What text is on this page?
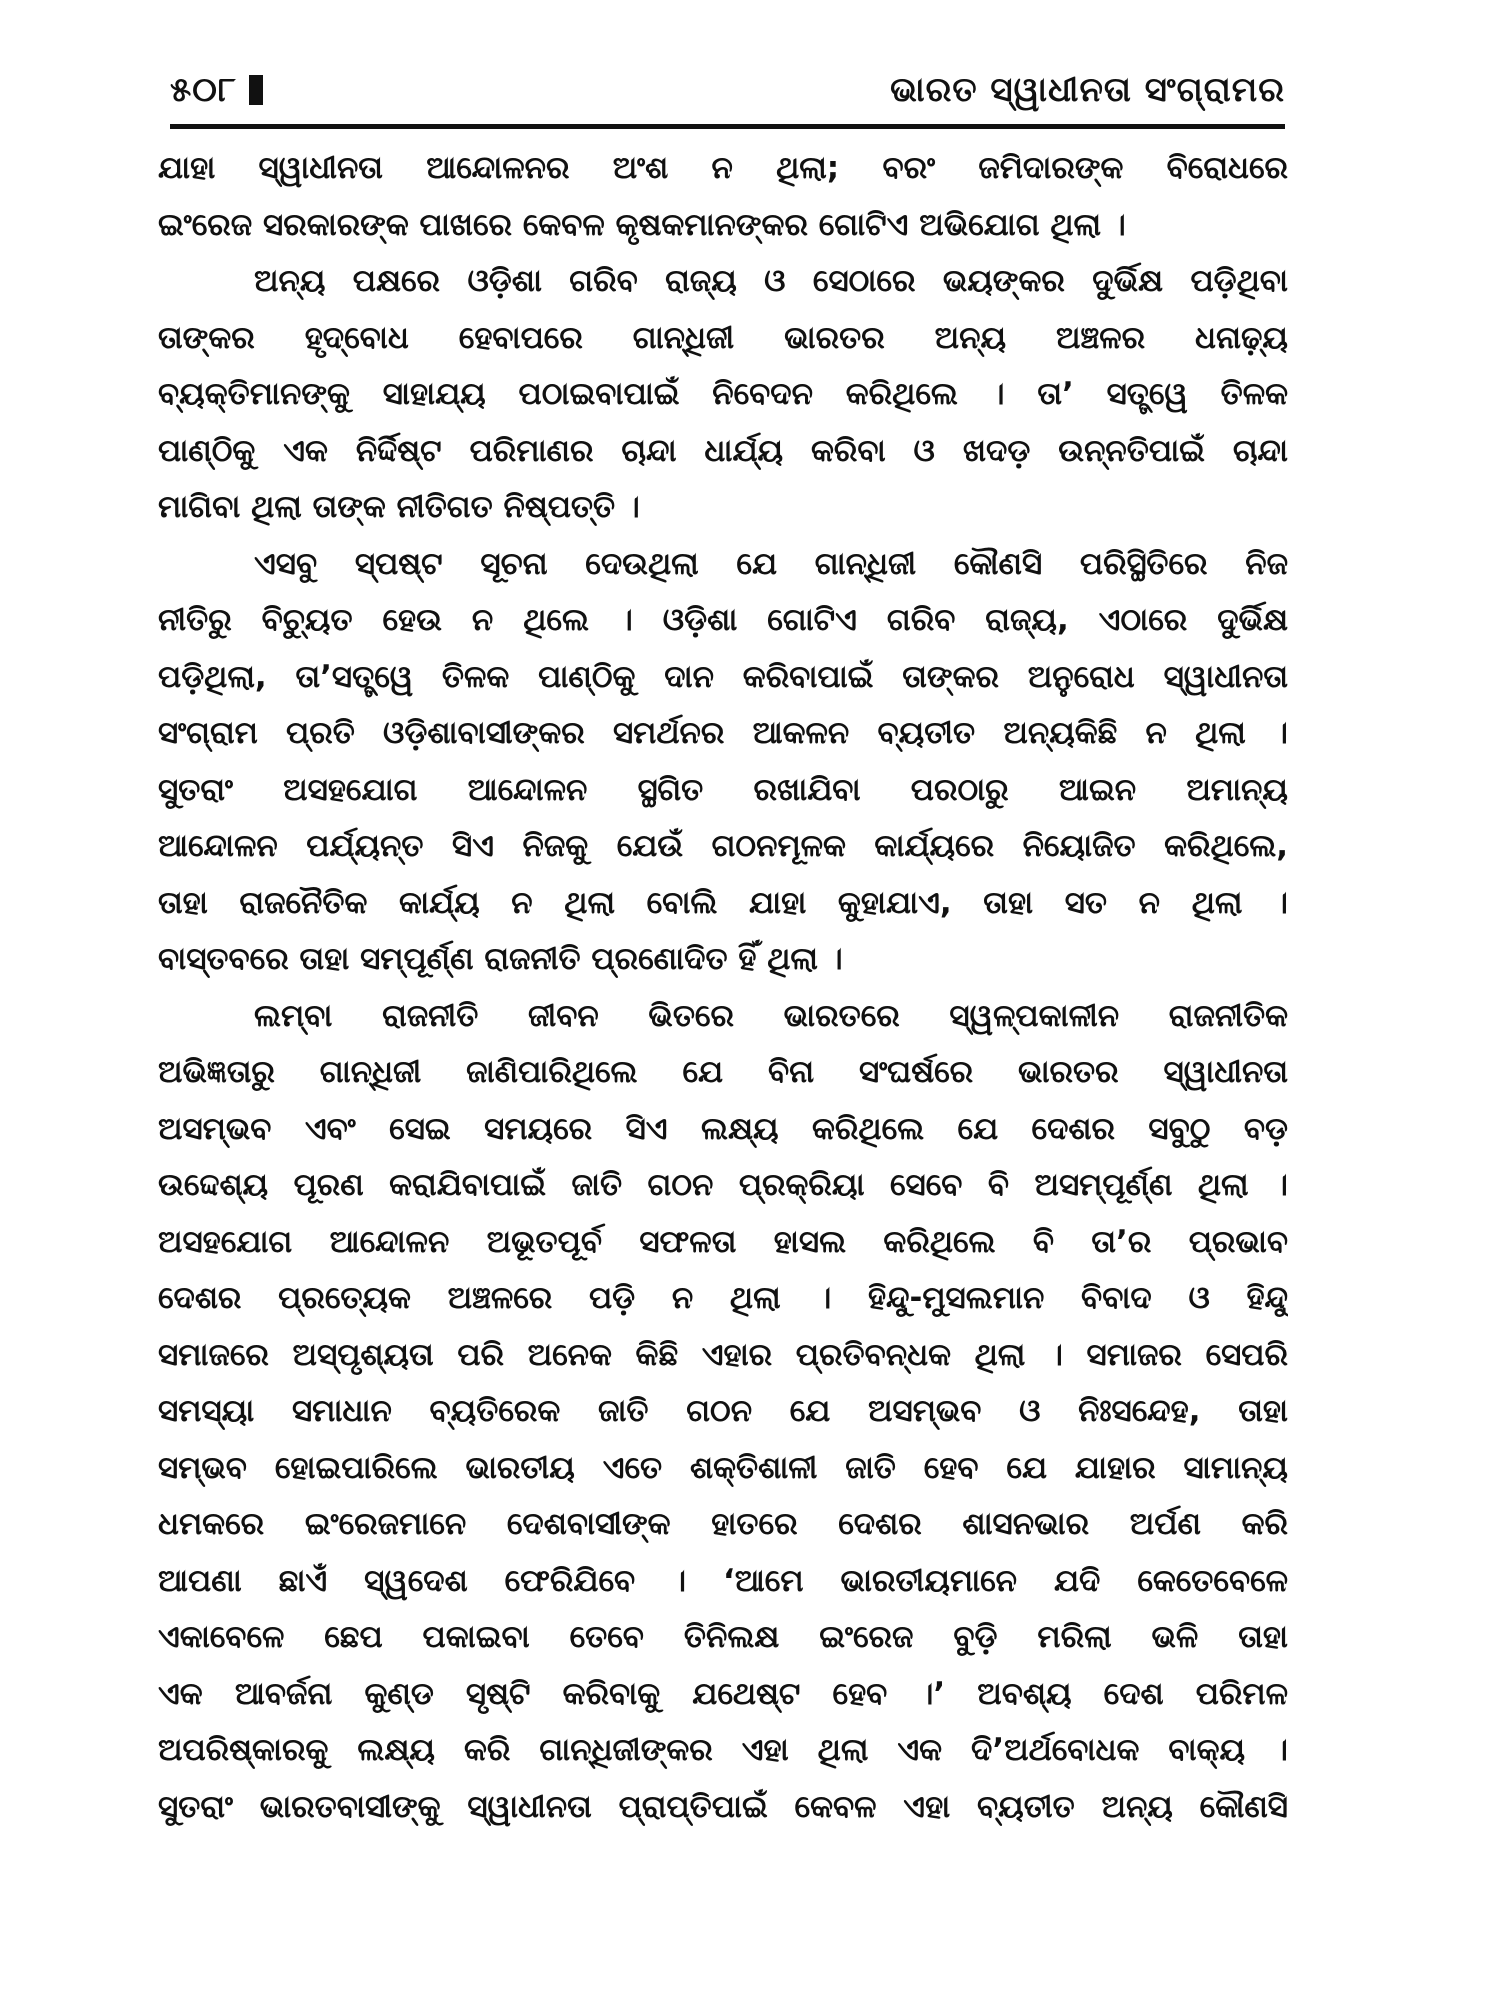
୫୦୮	ଭାରତ ସ୍ୱାଧୀନତା ସଂଗ୍ରାମର
ଯାହା ସ୍ୱାଧୀନତା ଆନ୍ଦୋଳନର ଅଂଶ ନ ଥିଲା; ବରଂ ଜମିଦାରଙ୍କ ବିରୋଧରେ
ଇଂରେଜ ସରକାରଙ୍କ ପାଖରେ କେବଳ କୃଷକମାନଙ୍କର ଗୋଟିଏ ଅଭିଯୋଗ ଥିଲା ।
ଅନ୍ୟ ପକ୍ଷରେ ଓଡ଼ିଶା ଗରିବ ରାଜ୍ୟ ଓ ସେଠାରେ ଭୟଙ୍କର ଦୁର୍ଭିକ୍ଷ ପଡ଼ିଥିବା
ତାଙ୍କର ହୃଦ୍‌ବୋଧ ହେବାପରେ ଗାନ୍ଧିଜୀ ଭାରତର ଅନ୍ୟ ଅଞ୍ଚଳର ଧନାଢ଼୍ୟ
ବ୍ୟକ୍ତିମାନଙ୍କୁ ସାହାଯ୍ୟ ପଠାଇବାପାଇଁ ନିବେଦନ କରିଥିଲେ । ତା’ ସତ୍ତ୍ୱେ ତିଳକ
ପାଣ୍ଠିକୁ ଏକ ନିର୍ଦ୍ଦିଷ୍ଟ ପରିମାଣର ଚାନ୍ଦା ଧାର୍ଯ୍ୟ କରିବା ଓ ଖଦଡ଼ ଉନ୍ନତିପାଇଁ ଚାନ୍ଦା
ମାଗିବା ଥିଲା ତାଙ୍କ ନୀତିଗତ ନିଷ୍ପତ୍ତି ।
ଏସବୁ ସ୍ପଷ୍ଟ ସୂଚନା ଦେଉଥିଲା ଯେ ଗାନ୍ଧିଜୀ କୌଣସି ପରିସ୍ଥିତିରେ ନିଜ
ନୀତିରୁ ବିଚ୍ୟୁତ ହେଉ ନ ଥିଲେ । ଓଡ଼ିଶା ଗୋଟିଏ ଗରିବ ରାଜ୍ୟ, ଏଠାରେ ଦୁର୍ଭିକ୍ଷ
ପଡ଼ିଥିଲା, ତା’ସତ୍ତ୍ୱେ ତିଳକ ପାଣ୍ଠିକୁ ଦାନ କରିବାପାଇଁ ତାଙ୍କର ଅନୁରୋଧ ସ୍ୱାଧୀନତା
ସଂଗ୍ରାମ ପ୍ରତି ଓଡ଼ିଶାବାସୀଙ୍କର ସମର୍ଥନର ଆକଳନ ବ୍ୟତୀତ ଅନ୍ୟକିଛି ନ ଥିଲା ।
ସୁତରାଂ ଅସହଯୋଗ ଆନ୍ଦୋଳନ ସ୍ଥଗିତ ରଖାଯିବା ପରଠାରୁ ଆଇନ ଅମାନ୍ୟ
ଆନ୍ଦୋଳନ ପର୍ଯ୍ୟନ୍ତ ସିଏ ନିଜକୁ ଯେଉଁ ଗଠନମୂଳକ କାର୍ଯ୍ୟରେ ନିୟୋଜିତ କରିଥିଲେ,
ତାହା ରାଜନୈତିକ କାର୍ଯ୍ୟ ନ ଥିଲା ବୋଲି ଯାହା କୁହାଯାଏ, ତାହା ସତ ନ ଥିଲା ।
ବାସ୍ତବରେ ତାହା ସମ୍ପୂର୍ଣ୍ଣ ରାଜନୀତି ପ୍ରଣୋଦିତ ହିଁ ଥିଲା ।
ଲମ୍ବା ରାଜନୀତି ଜୀବନ ଭିତରେ ଭାରତରେ ସ୍ୱଳ୍ପକାଳୀନ ରାଜନୀତିକ
ଅଭିଜ୍ଞତାରୁ ଗାନ୍ଧିଜୀ ଜାଣିପାରିଥିଲେ ଯେ ବିନା ସଂଘର୍ଷରେ ଭାରତର ସ୍ୱାଧୀନତା
ଅସମ୍ଭବ ଏବଂ ସେଇ ସମୟରେ ସିଏ ଲକ୍ଷ୍ୟ କରିଥିଲେ ଯେ ଦେଶର ସବୁଠୁ ବଡ଼
ଉଦ୍ଦେଶ୍ୟ ପୂରଣ କରାଯିବାପାଇଁ ଜାତି ଗଠନ ପ୍ରକ୍ରିୟା ସେବେ ବି ଅସମ୍ପୂର୍ଣ୍ଣ ଥିଲା ।
ଅସହଯୋଗ ଆନ୍ଦୋଳନ ଅଭୂତପୂର୍ବ ସଫଳତା ହାସଲ କରିଥିଲେ ବି ତା’ର ପ୍ରଭାବ
ଦେଶର ପ୍ରତ୍ୟେକ ଅଞ୍ଚଳରେ ପଡ଼ି ନ ଥିଲା । ହିନ୍ଦୁ-ମୁସଲମାନ ବିବାଦ ଓ ହିନ୍ଦୁ
ସମାଜରେ ଅସ୍ପୃଶ୍ୟତା ପରି ଅନେକ କିଛି ଏହାର ପ୍ରତିବନ୍ଧକ ଥିଲା । ସମାଜର ସେପରି
ସମସ୍ୟା ସମାଧାନ ବ୍ୟତିରେକ ଜାତି ଗଠନ ଯେ ଅସମ୍ଭବ ଓ ନିଃସନ୍ଦେହ, ତାହା
ସମ୍ଭବ ହୋଇପାରିଲେ ଭାରତୀୟ ଏତେ ଶକ୍ତିଶାଳୀ ଜାତି ହେବ ଯେ ଯାହାର ସାମାନ୍ୟ
ଧମକରେ ଇଂରେଜମାନେ ଦେଶବାସୀଙ୍କ ହାତରେ ଦେଶର ଶାସନଭାର ଅର୍ପଣ କରି
ଆପଣା ଛାଏଁ ସ୍ୱଦେଶ ଫେରିଯିବେ । ‘ଆମେ ଭାରତୀୟମାନେ ଯଦି କେତେବେଳେ
ଏକାବେଳେ ଛେପ ପକାଇବା ତେବେ ତିନିଲକ୍ଷ ଇଂରେଜ ବୁଡ଼ି ମରିଲା ଭଳି ତାହା
ଏକ ଆବର୍ଜନା କୁଣ୍ଡ ସୃଷ୍ଟି କରିବାକୁ ଯଥେଷ୍ଟ ହେବ ।’ ଅବଶ୍ୟ ଦେଶ ପରିମଳ
ଅପରିଷ୍କାରକୁ ଲକ୍ଷ୍ୟ କରି ଗାନ୍ଧିଜୀଙ୍କର ଏହା ଥିଲା ଏକ ଦି’ଅର୍ଥବୋଧକ ବାକ୍ୟ ।
ସୁତରାଂ ଭାରତବାସୀଙ୍କୁ ସ୍ୱାଧୀନତା ପ୍ରାପ୍ତିପାଇଁ କେବଳ ଏହା ବ୍ୟତୀତ ଅନ୍ୟ କୌଣସି
